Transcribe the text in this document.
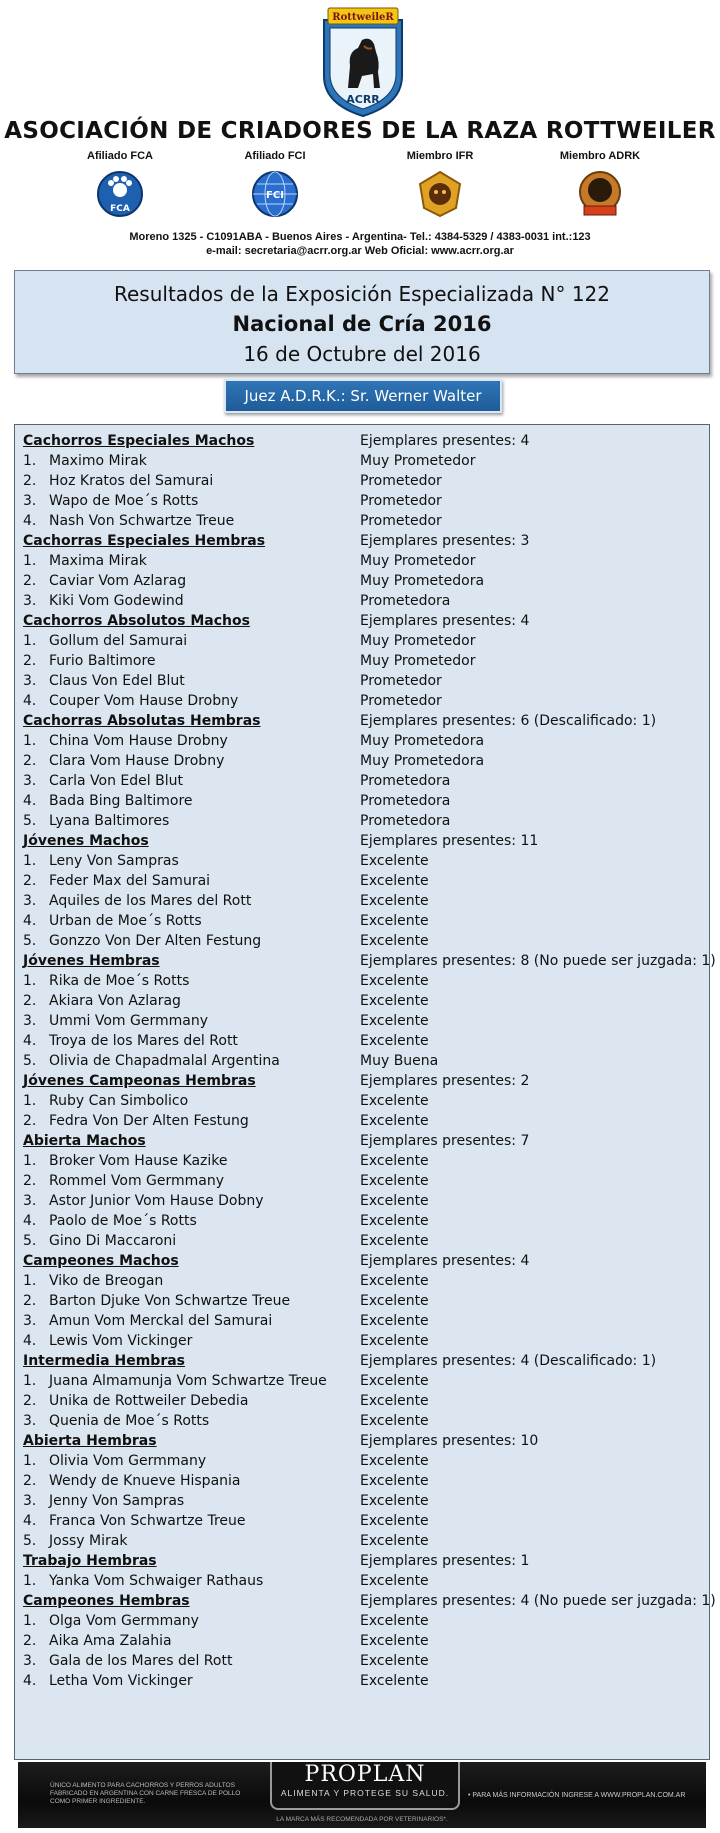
RottweileR
ACRR
ASOCIACIÓN DE CRIADORES DE LA RAZA ROTTWEILER
Afiliado FCA
FCA
Afiliado FCI
FCI
Miembro IFR	Miembro ADRK
Moreno 1325 - C1091ABA - Buenos Aires - Argentina- Tel.: 4384-5329 / 4383-0031 int.:123
e-mail: secretaria@acrr.org.ar Web Oficial: www.acrr.org.ar
Resultados de la Exposición Especializada N° 122
Nacional de Cría 2016
16 de Octubre del 2016
Juez A.D.R.K.: Sr. Werner Walter
Cachorros Especiales Machos	Ejemplares presentes: 4
1. Maximo Mirak	Muy Prometedor
2. Hoz Kratos del Samurai	Prometedor
3. Wapo de Moe´s Rotts	Prometedor
4. Nash Von Schwartze Treue	Prometedor
Cachorras Especiales Hembras	Ejemplares presentes: 3
1. Maxima Mirak	Muy Prometedor
2. Caviar Vom Azlarag	Muy Prometedora
3. Kiki Vom Godewind	Prometedora
Cachorros Absolutos Machos	Ejemplares presentes: 4
1. Gollum del Samurai	Muy Prometedor
2. Furio Baltimore	Muy Prometedor
3. Claus Von Edel Blut	Prometedor
4. Couper Vom Hause Drobny	Prometedor
Cachorras Absolutas Hembras	Ejemplares presentes: 6 (Descalificado: 1)
1. China Vom Hause Drobny	Muy Prometedora
2. Clara Vom Hause Drobny	Muy Prometedora
3. Carla Von Edel Blut	Prometedora
4. Bada Bing Baltimore	Prometedora
5. Lyana Baltimores	Prometedora
Jóvenes Machos	Ejemplares presentes: 11
1. Leny Von Sampras	Excelente
2. Feder Max del Samurai	Excelente
3. Aquiles de los Mares del Rott	Excelente
4. Urban de Moe´s Rotts	Excelente
5. Gonzzo Von Der Alten Festung	Excelente
Jóvenes Hembras	Ejemplares presentes: 8 (No puede ser juzgada: 1)
1. Rika de Moe´s Rotts	Excelente
2. Akiara Von Azlarag	Excelente
3. Ummi Vom Germmany	Excelente
4. Troya de los Mares del Rott	Excelente
5. Olivia de Chapadmalal Argentina	Muy Buena
Jóvenes Campeonas Hembras	Ejemplares presentes: 2
1. Ruby Can Simbolico	Excelente
2. Fedra Von Der Alten Festung	Excelente
Abierta Machos	Ejemplares presentes: 7
1. Broker Vom Hause Kazike	Excelente
2. Rommel Vom Germmany	Excelente
3. Astor Junior Vom Hause Dobny	Excelente
4. Paolo de Moe´s Rotts	Excelente
5. Gino Di Maccaroni	Excelente
Campeones Machos	Ejemplares presentes: 4
1. Viko de Breogan	Excelente
2. Barton Djuke Von Schwartze Treue	Excelente
3. Amun Vom Merckal del Samurai	Excelente
4. Lewis Vom Vickinger	Excelente
Intermedia Hembras	Ejemplares presentes: 4 (Descalificado: 1)
1. Juana Almamunja Vom Schwartze Treue Excelente
2. Unika de Rottweiler Debedia	Excelente
3. Quenia de Moe´s Rotts	Excelente
Abierta Hembras	Ejemplares presentes: 10
1. Olivia Vom Germmany	Excelente
2. Wendy de Knueve Hispania	Excelente
3. Jenny Von Sampras	Excelente
4. Franca Von Schwartze Treue	Excelente
5. Jossy Mirak	Excelente
Trabajo Hembras	Ejemplares presentes: 1
1. Yanka Vom Schwaiger Rathaus	Excelente
Campeones Hembras	Ejemplares presentes: 4 (No puede ser juzgada: 1)
1. Olga Vom Germmany	Excelente
2. Aika Ama Zalahia	Excelente
3. Gala de los Mares del Rott	Excelente
4. Letha Vom Vickinger	Excelente
ÚNICO ALIMENTO PARA CACHORROS Y PERROS ADULTOS FABRICADO EN ARGENTINA CON CARNE FRESCA DE POLLO COMO PRIMER INGREDIENTE.
PROPLAN
ALIMENTA Y PROTEGE SU SALUD.	• PARA MÁS INFORMACIÓN INGRESE A WWW.PROPLAN.COM.AR
LA MARCA MÁS RECOMENDADA POR VETERINARIOS*.
